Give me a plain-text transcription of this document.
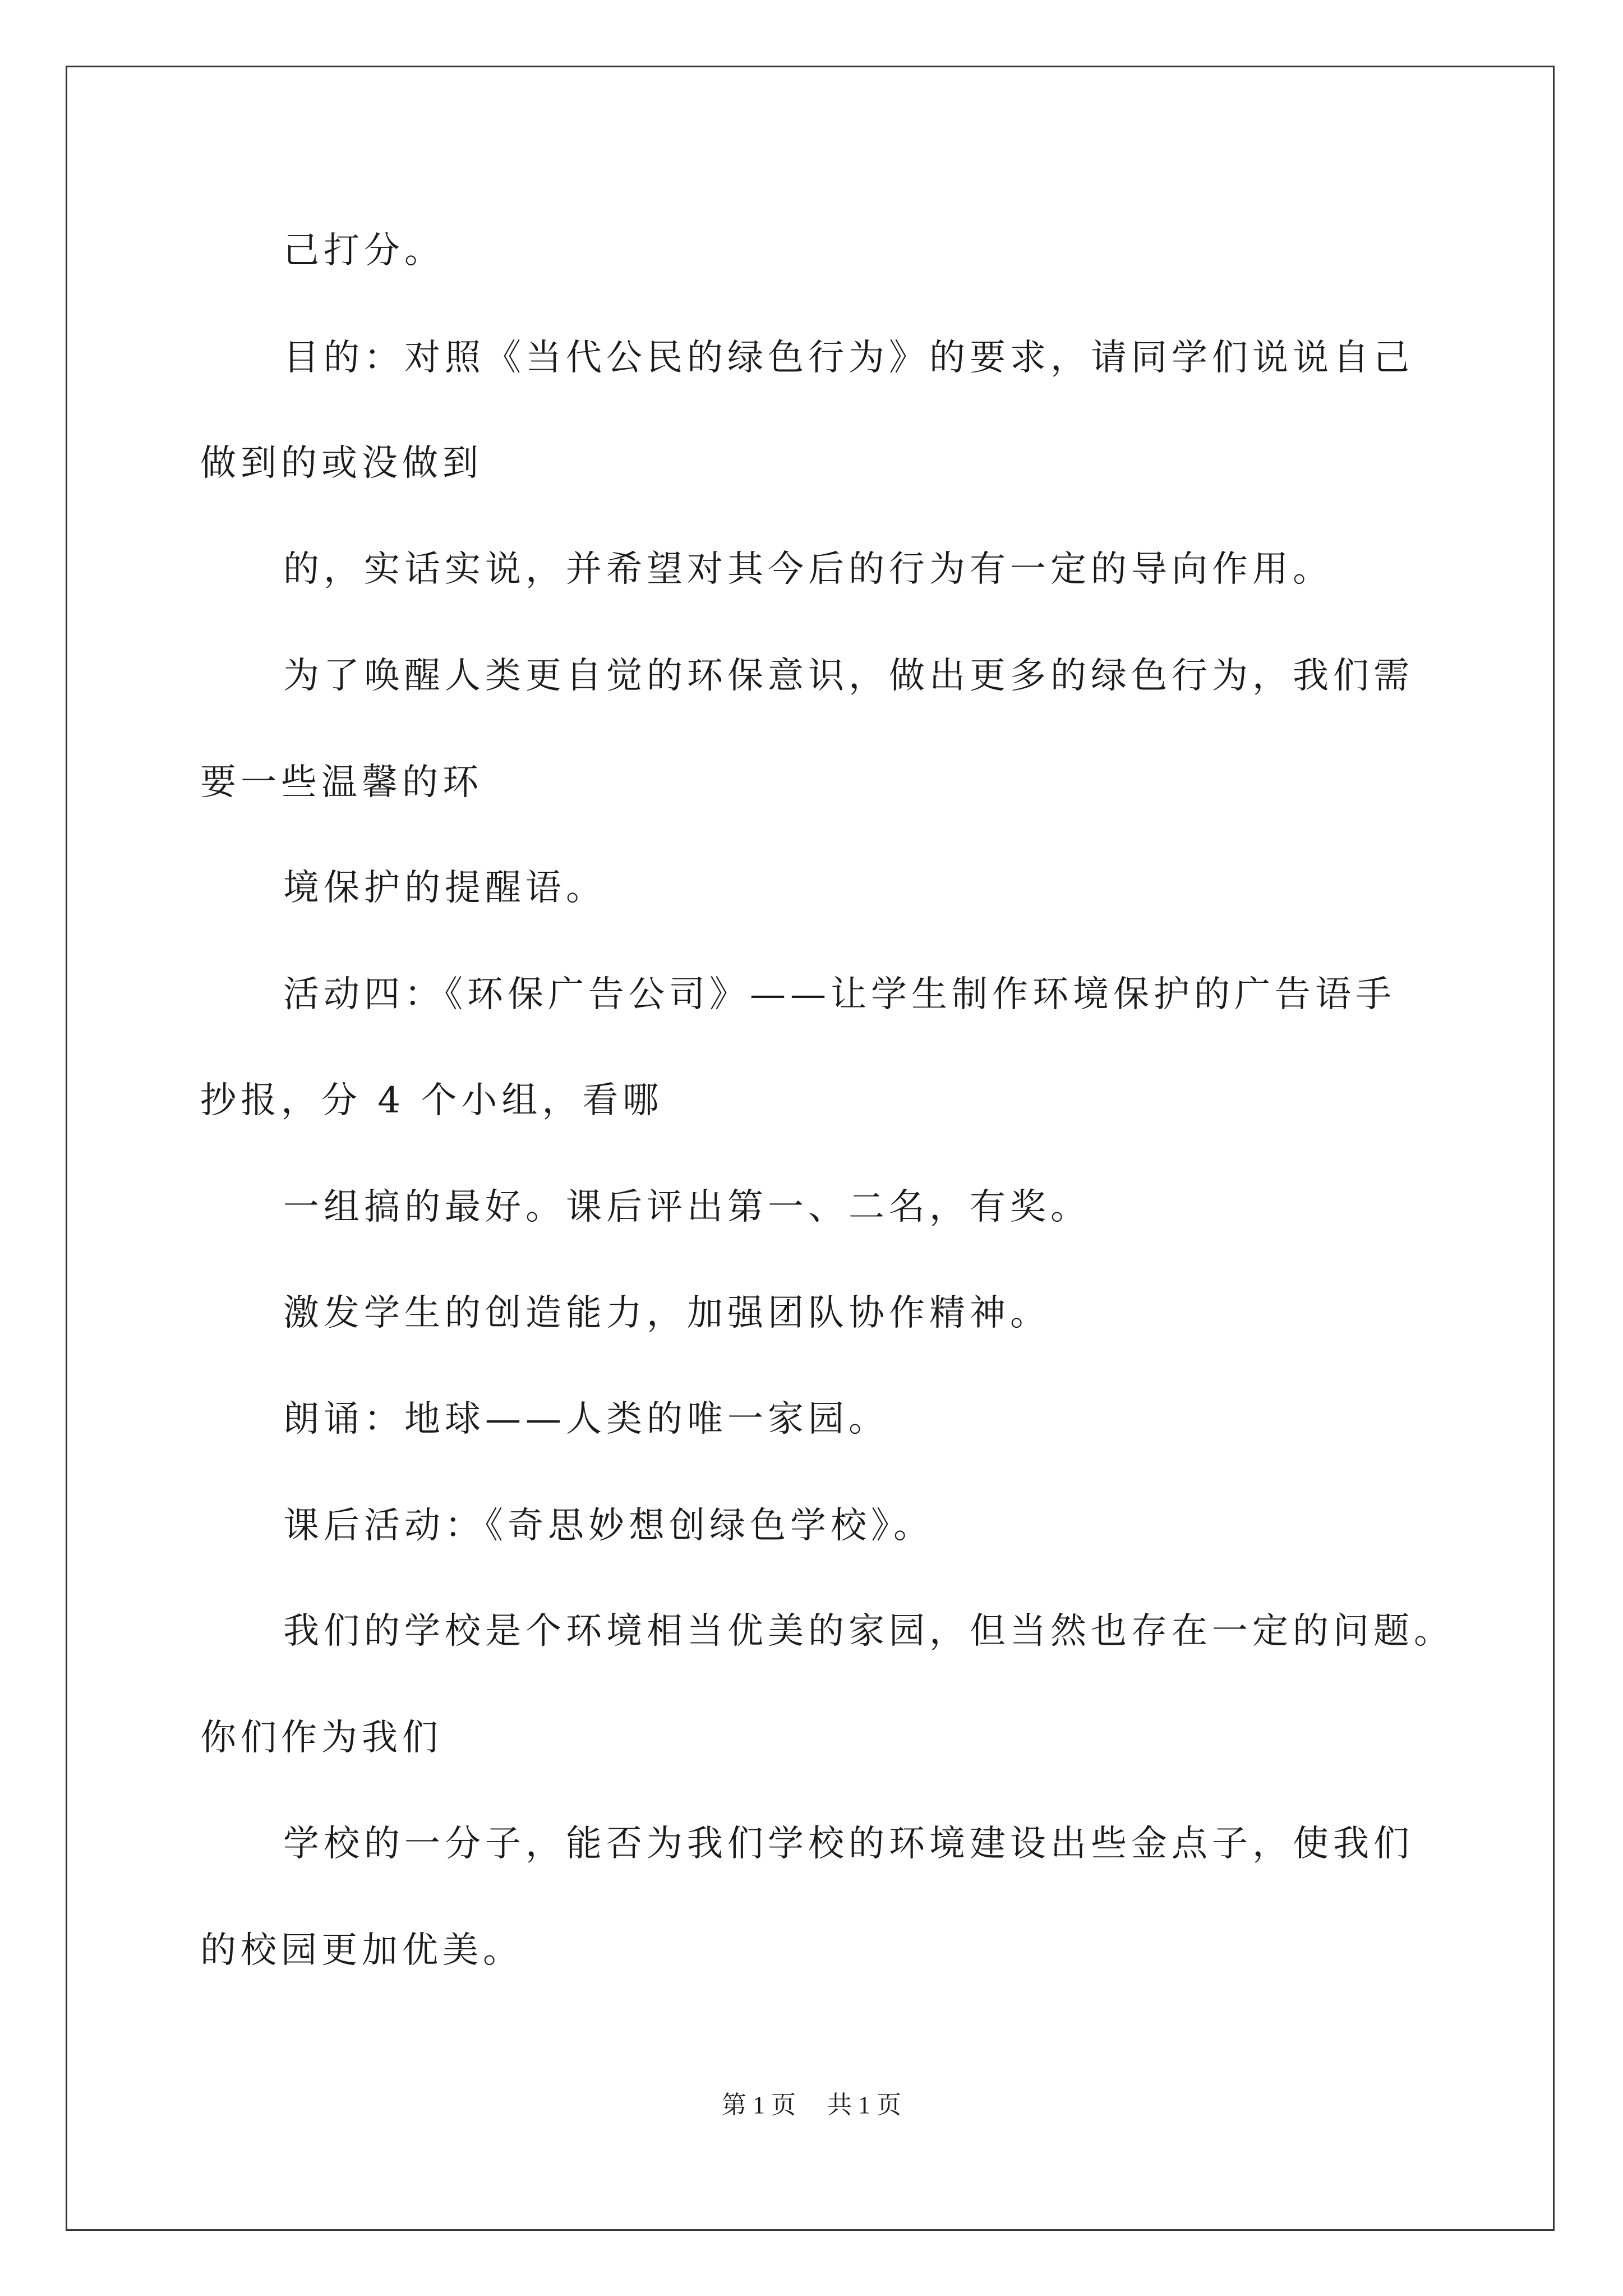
己打分。
目的：对照《当代公民的绿色行为》的要求，请同学们说说自己
做到的或没做到
的，实话实说，并希望对其今后的行为有一定的导向作用。
为了唤醒人类更自觉的环保意识，做出更多的绿色行为，我们需
要一些温馨的环
境保护的提醒语。
活动四：《环保广告公司》——让学生制作环境保护的广告语手
抄报，分 4 个小组，看哪
一组搞的最好。课后评出第一、二名，有奖。
激发学生的创造能力，加强团队协作精神。
朗诵：地球——人类的唯一家园。
课后活动：《奇思妙想创绿色学校》。
我们的学校是个环境相当优美的家园，但当然也存在一定的问题。
你们作为我们
学校的一分子，能否为我们学校的环境建设出些金点子，使我们
的校园更加优美。
第 1 页 共 1 页
